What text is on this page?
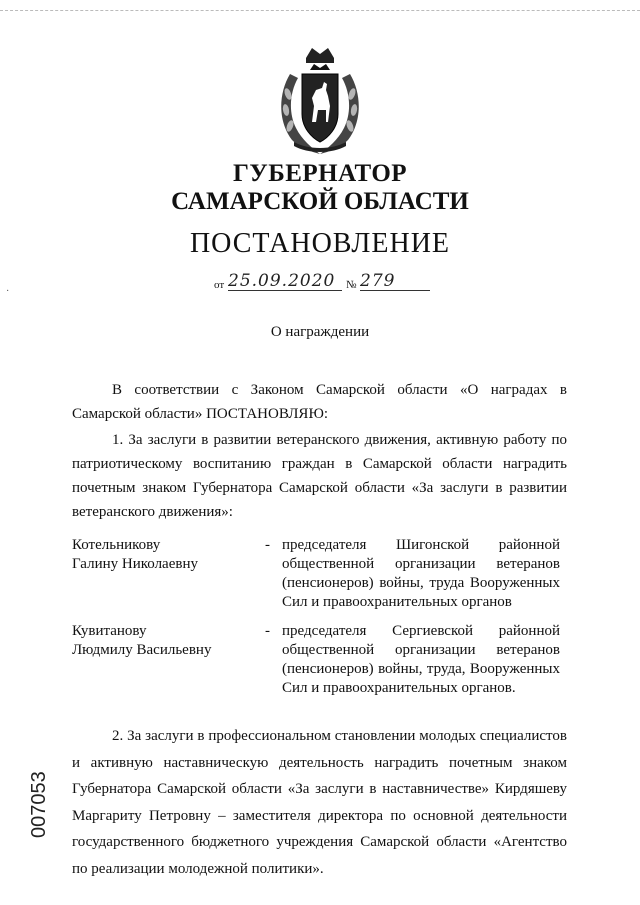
·
ГУБЕРНАТОР
САМАРСКОЙ ОБЛАСТИ
ПОСТАНОВЛЕНИЕ
от 25.09.2020 № 279
О награждении
В соответствии с Законом Самарской области «О наградах в Самарской области» ПОСТАНОВЛЯЮ:
1. За заслуги в развитии ветеранского движения, активную работу по патриотическому воспитанию граждан в Самарской области наградить почетным знаком Губернатора Самарской области «За заслуги в развитии ветеранского движения»:
Котельникову
Галину Николаевну
- председателя Шигонской районной общественной организации ветеранов (пенсионеров) войны, труда Вооруженных Сил и правоохранительных органов
Кувитанову
Людмилу Васильевну
- председателя Сергиевской районной общественной организации ветеранов (пенсионеров) войны, труда, Вооруженных Сил и правоохранительных органов.
2. За заслуги в профессиональном становлении молодых специалистов и активную наставническую деятельность наградить почетным знаком Губернатора Самарской области «За заслуги в наставничестве» Кирдяшеву Маргариту Петровну – заместителя директора по основной деятельности государственного бюджетного учреждения Самарской области «Агентство по реализации молодежной политики».
007053
